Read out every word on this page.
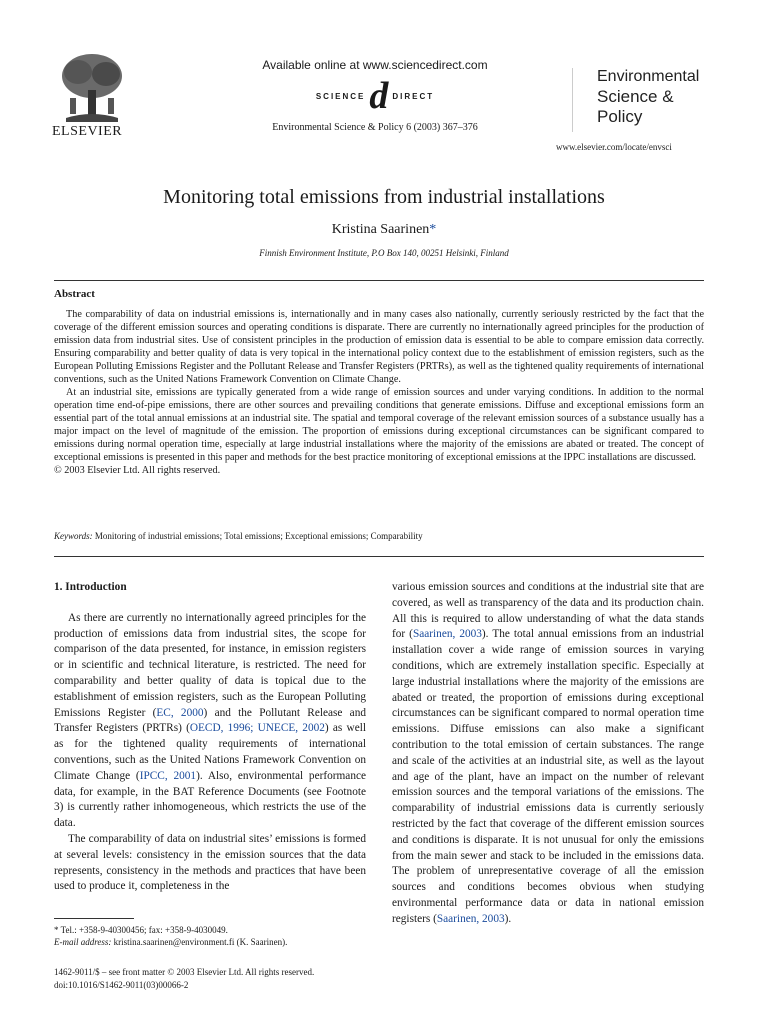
ELSEVIER
Available online at www.sciencedirect.com
SCIENCE d DIRECT
Environmental Science & Policy 6 (2003) 367–376
Environmental
Science & Policy
www.elsevier.com/locate/envsci
Monitoring total emissions from industrial installations
Kristina Saarinen*
Finnish Environment Institute, P.O Box 140, 00251 Helsinki, Finland
Abstract

The comparability of data on industrial emissions is, internationally and in many cases also nationally, currently seriously restricted by the fact that the coverage of the different emission sources and operating conditions is disparate. There are currently no internationally agreed principles for the production of emission data from industrial sites. Use of consistent principles in the production of emission data is essential to be able to compare emission data correctly. Ensuring comparability and better quality of data is very topical in the international policy context due to the establishment of emission registers, such as the European Polluting Emissions Register and the Pollutant Release and Transfer Registers (PRTRs), as well as the tightened quality requirements of international conventions, such as the United Nations Framework Convention on Climate Change.

At an industrial site, emissions are typically generated from a wide range of emission sources and under varying conditions. In addition to the normal operation time end-of-pipe emissions, there are other sources and prevailing conditions that generate emissions. Diffuse and exceptional emissions form an essential part of the total annual emissions at an industrial site. The spatial and temporal coverage of the relevant emission sources of a substance usually has a major impact on the level of magnitude of the emission. The proportion of emissions during exceptional circumstances can be significant compared to emissions during normal operation time, especially at large industrial installations where the majority of the emissions are abated or treated. The concept of exceptional emissions is presented in this paper and methods for the best practice monitoring of exceptional emissions at the IPPC installations are discussed.

© 2003 Elsevier Ltd. All rights reserved.

Keywords: Monitoring of industrial emissions; Total emissions; Exceptional emissions; Comparability
1. Introduction

As there are currently no internationally agreed principles for the production of emissions data from industrial sites, the scope for comparison of the data presented, for instance, in emission registers or in scientific and technical literature, is restricted. The need for comparability and better quality of data is topical due to the establishment of emission registers, such as the European Polluting Emissions Register (EC, 2000) and the Pollutant Release and Transfer Registers (PRTRs) (OECD, 1996; UNECE, 2002) as well as for the tightened quality requirements of international conventions, such as the United Nations Framework Convention on Climate Change (IPCC, 2001). Also, environmental performance data, for example, in the BAT Reference Documents (see Footnote 3) is currently rather inhomogeneous, which restricts the use of the data.

The comparability of data on industrial sites’ emissions is formed at several levels: consistency in the emission sources that the data represents, consistency in the methods and practices that have been used to produce it, completeness in the

various emission sources and conditions at the industrial site that are covered, as well as transparency of the data and its production chain. All this is required to allow understanding of what the data stands for (Saarinen, 2003). The total annual emissions from an industrial installation cover a wide range of emission sources in varying conditions, which are extremely installation specific. Especially at large industrial installations where the majority of the emissions are abated or treated, the proportion of emissions during exceptional circumstances can be significant compared to normal operation time emissions. Diffuse emissions can also make a significant contribution to the total emission of certain substances. The range and scale of the activities at an industrial site, as well as the layout and age of the plant, have an impact on the number of relevant emission sources and the temporal variations of the emissions. The comparability of industrial emissions data is currently seriously restricted by the fact that coverage of the different emission sources and conditions is disparate. It is not unusual for only the emissions from the main sewer and stack to be included in the emissions data. The problem of unrepresentative coverage of all the emission sources and conditions becomes obvious when studying environmental performance data or data in national emission registers (Saarinen, 2003).

* Tel.: +358-9-40300456; fax: +358-9-4030049.
E-mail address: kristina.saarinen@environment.fi (K. Saarinen).
1462-9011/$ – see front matter © 2003 Elsevier Ltd. All rights reserved.
doi:10.1016/S1462-9011(03)00066-2
